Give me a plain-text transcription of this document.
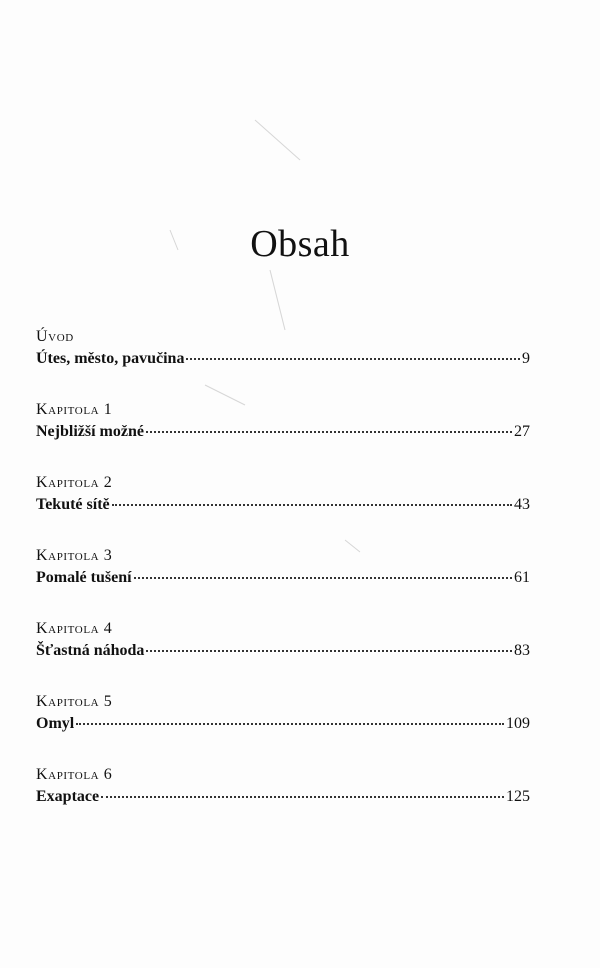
Obsah
Úvod
Útes, město, pavučina	9
Kapitola 1
Nejbližší možné	27
Kapitola 2
Tekuté sítě	43
Kapitola 3
Pomalé tušení	61
Kapitola 4
Šťastná náhoda	83
Kapitola 5
Omyl	109
Kapitola 6
Exaptace	125
